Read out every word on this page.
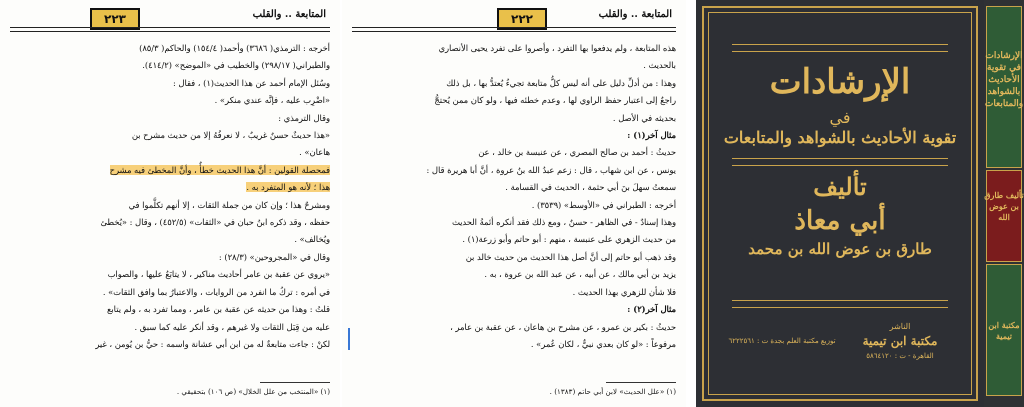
٢٢٣	المتابعة .. والقلب

أخرجه : الترمذي( ٣٦٨٦) وأحمد( ١٥٤/٤) والحاكم( ٨٥/٣)

والطبراني( ٢٩٨/١٧) والخطيب في «الموضح» (٤١٤/٢).

وسُئل الإمام أحمد عن هذا الحديث(١) ، فقال :

«اضْرِب عليه ، فإنَّه عندي منكر» .

وقال الترمذي :

«هذا حديثٌ حسنٌ غريبٌ ، لا نعرفُهُ إلا من حديث مشرح بن

هاعان» .

فمحصلة القولين : أنَّ هذا الحديث خطأٌ ، وأنَّ المخطئ فيه مشرح

هذا ؛ لأنه هو المتفرد به .

ومشرحٌ هذا ؛ وإن كان من جملة الثقات ، إلا أنهم تكلَّموا في

حفظه ، وقد ذكره ابنُ حبان في «الثقات» (٤٥٢/٥) ، وقال : «يُخطئ

ويُخالف» .

وقال في «المجروحين» (٢٨/٣) :

«يروي عن عقبة بن عامر أحاديث مناكير ، لا يتابَعُ عليها ، والصواب

في أمره : تركُ ما انفرد من الروايات ، والاعتبارُ بما وافق الثقات» .

قلتُ : وهذا من حديثه عن عقبة بن عامر ، ومما تفرد به ، ولم يتابع

عليه من قِبَل الثقات ولا غيرهم ، وقد أنكر عليه كما سبق .

لكنْ : جاءت متابعةٌ له من ابن أبي عشانة واسمه : حيُّ بن يُومن ، غير

(١) «المنتخب من علل الخلال» (ص ١٠٦) بتحقيقي .
٢٢٢	المتابعة .. والقلب

هذه المتابعة ، ولم يدفعوا بها التفرد ، وأصروا على تفرد يحيى الأنصاري

بالحديث .

وهذا : من أدلِّ دليل على أنه ليس كلُّ متابعة تجيءُ يُعتدُّ بها ، بل ذلك

راجعٌ إلى اعتبار حفظ الراوي لها ، وعدم خطئه فيها ، ولو كان ممن يُحتجُّ

بحديثه في الأصل .

مثال آخر(١) :

حديثُ : أحمد بن صالح المصري ، عن عنبسة بن خالد ، عن

يونس ، عن ابن شهاب ، قال : زعم عبدُ الله بنُ عروة ، أنَّ أبا هريرة قال :

سمعتُ سهلَ بنَ أبي حثمة ، الحديث في القسامة .

أخرجه : الطبراني في «الأوسط» (٣٥٣٩) .

وهذا إسنادٌ - في الظاهر - حسنٌ ، ومع ذلك فقد أنكره أئمةُ الحديث

من حديث الزهري على عنبسة ، منهم : أبو حاتم وأبو زرعة(١) .

وقد ذهب أبو حاتم إلى أنَّ أصل هذا الحديث من حديث خالد بن

يزيد بن أبي مالك ، عن أبيه ، عن عبد الله بن عروة ، به .

فلا شأن للزهري بهذا الحديث .

مثال آخر(٢) :

حديثُ : بكير بن عمرو ، عن مشرح بن هاعان ، عن عقبة بن عامر ،

مرفوعاً : «لو كان بعدي نبيٌّ ، لكان عُمر» .

(١) «علل الحديث» لابن أبي حاتم (١٣٨٣) .
الإرشادات
في
تقوية الأحاديث بالشواهد والمتابعات
تأليف
أبي معاذ
طارق بن عوض الله بن محمد
الناشر
مكتبة ابن تيمية
القاهرة - ت : ٥٨٦٤١٢٠
توزيع مكتبة العلم بجدة ت : ٦٢٢٢٥٦١
الإرشادات في تقوية الأحاديث بالشواهد والمتابعات
تأليف طارق بن عوض الله
مكتبة ابن تيمية
